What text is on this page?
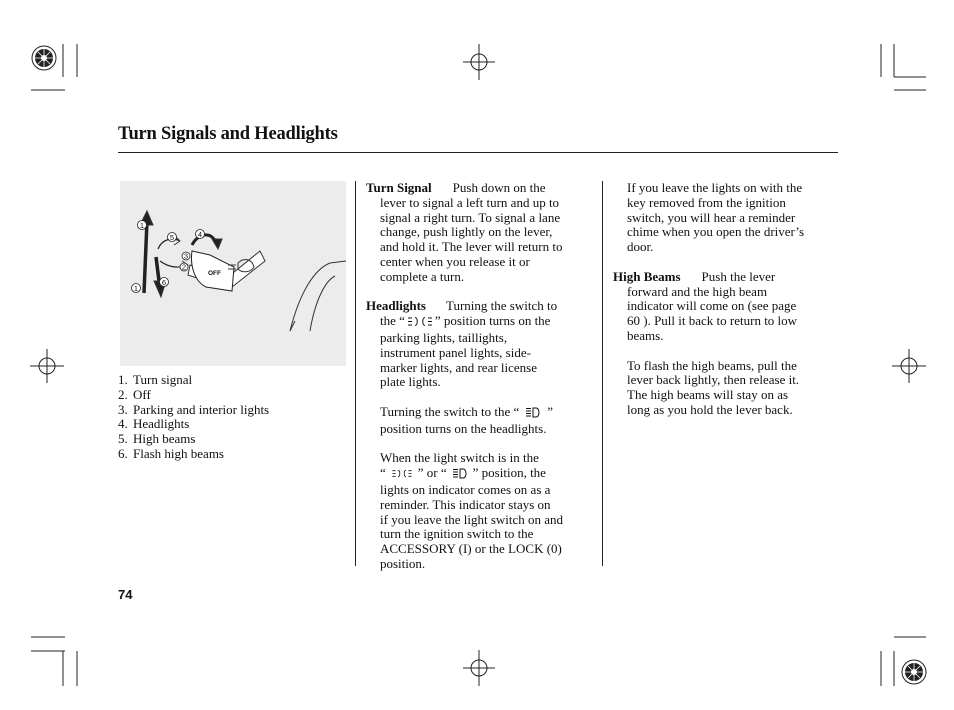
Turn Signals and Headlights
1
1
2
3
4
5
6
OFF
1. Turn signal
2. Off
3. Parking and interior lights
4. Headlights
5. High beams
6. Flash high beams

Turn Signal Push down on the

lever to signal a left turn and up to

signal a right turn. To signal a lane

change, push lightly on the lever,

and hold it. The lever will return to

center when you release it or

complete a turn.

Headlights Turning the switch to

the “ ” position turns on the

parking lights, taillights,

instrument panel lights, side-

marker lights, and rear license

plate lights.

Turning the switch to the “ ”

position turns on the headlights.

When the light switch is in the

“ ” or “ ” position, the

lights on indicator comes on as a

reminder. This indicator stays on

if you leave the light switch on and

turn the ignition switch to the

ACCESSORY (I) or the LOCK (0)

position.

If you leave the lights on with the

key removed from the ignition

switch, you will hear a reminder

chime when you open the driver’s

door.

High Beams Push the lever

forward and the high beam

indicator will come on (see page

60 ). Pull it back to return to low

beams.

To flash the high beams, pull the

lever back lightly, then release it.

The high beams will stay on as

long as you hold the lever back.

74
